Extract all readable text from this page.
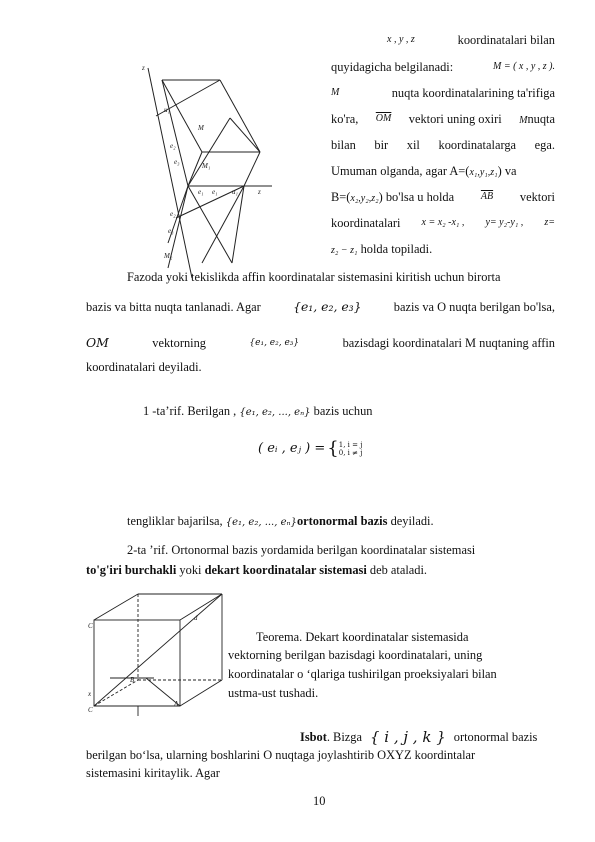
z
u₁
e₂
e₃
M
M₁
e₁ e₁ u₁	z
e₂
e₃
M₂
x , y , z	koordinatalari bilan
quyidagicha belgilanadi:	M = ( x , y , z ).
M	nuqta koordinatalarining ta'rifiga
ko'ra, $\overline{OM}$ vektori uning oxiri Mnuqta
bilan bir xil koordinatalarga ega.
Umuman olganda, agar A=(x₁,y₁,z₁) va
B=(x₂,y₂,z₂) bo'lsa u holda	$\overline{AB}$ vektori
koordinatalari x = x₂ -x₁ , y= y₂-y₁ , z=
z₂ − z₁ holda topiladi.
Fazoda yoki tekislikda affin koordinatalar sistemasini kiritish uchun birorta
bazis va bitta nuqta tanlanadi. Agar	{e₁, e₂, e₃}	bazis va O nuqta berilgan bo'lsa,
OM	vektorning	{e₁, e₂, e₃}	bazisdagi koordinatalari M nuqtaning affin
koordinatalari deyiladi.
1 -ta’rif. Berilgan , {e₁, e₂, ..., eₙ} bazis uchun
( eᵢ , eⱼ ) = { 1, i = j
0, i ≠ j
tengliklar bajarilsa, {e₁, e₂, ..., eₙ}ortonormal bazis deyiladi.
2-ta ’rif. Ortonormal bazis yordamida berilgan koordinatalar sistemasi
to'g'iri burchakli yoki dekart koordinatalar sistemasi deb ataladi.
C
d
x
B
C
A
Teorema. Dekart koordinatalar sistemasida
vektorning berilgan bazisdagi koordinatalari, uning
koordinatalar o ‘qlariga tushirilgan proeksiyalari bilan
ustma-ust tushadi.
Isbot . Bizga { i , j , k } ortonormal bazis
berilgan bo‘lsa, ularning boshlarini O nuqtaga joylashtirib OXYZ koordintalar
sistemasini kiritaylik. Agar
10
